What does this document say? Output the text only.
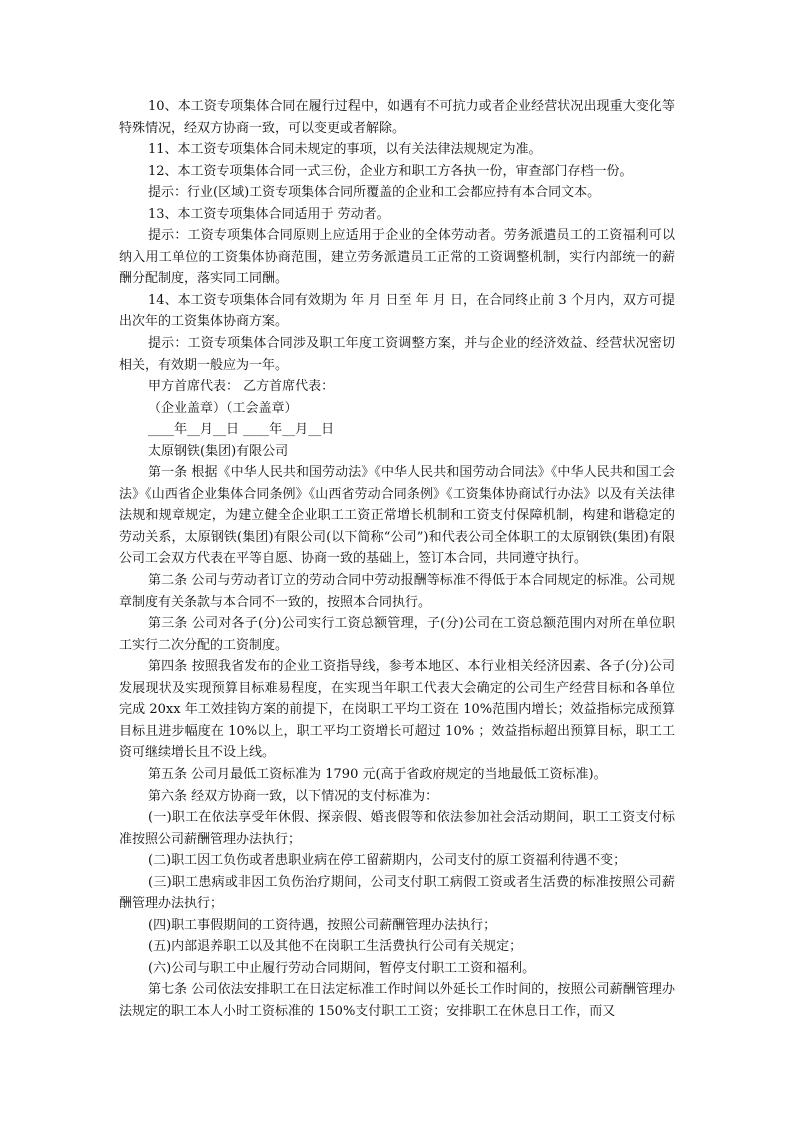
10、本工资专项集体合同在履行过程中，如遇有不可抗力或者企业经营状况出现重大变化等特殊情况，经双方协商一致，可以变更或者解除。

11、本工资专项集体合同未规定的事项，以有关法律法规规定为准。

12、本工资专项集体合同一式三份，企业方和职工方各执一份，审查部门存档一份。

提示：行业(区域)工资专项集体合同所覆盖的企业和工会都应持有本合同文本。

13、本工资专项集体合同适用于 劳动者。

提示：工资专项集体合同原则上应适用于企业的全体劳动者。劳务派遣员工的工资福利可以纳入用工单位的工资集体协商范围，建立劳务派遣员工正常的工资调整机制，实行内部统一的薪酬分配制度，落实同工同酬。

14、本工资专项集体合同有效期为 年 月 日至 年 月 日，在合同终止前 3 个月内，双方可提出次年的工资集体协商方案。

提示：工资专项集体合同涉及职工年度工资调整方案，并与企业的经济效益、经营状况密切相关，有效期一般应为一年。

甲方首席代表： 乙方首席代表：

（企业盖章）（工会盖章）

____年__月__日 ____年__月__日

太原钢铁(集团)有限公司

第一条 根据《中华人民共和国劳动法》《中华人民共和国劳动合同法》《中华人民共和国工会法》《山西省企业集体合同条例》《山西省劳动合同条例》《工资集体协商试行办法》以及有关法律法规和规章规定，为建立健全企业职工工资正常增长机制和工资支付保障机制，构建和谐稳定的劳动关系，太原钢铁(集团)有限公司(以下简称“公司”)和代表公司全体职工的太原钢铁(集团)有限公司工会双方代表在平等自愿、协商一致的基础上，签订本合同，共同遵守执行。

第二条 公司与劳动者订立的劳动合同中劳动报酬等标准不得低于本合同规定的标准。公司规章制度有关条款与本合同不一致的，按照本合同执行。

第三条 公司对各子(分)公司实行工资总额管理，子(分)公司在工资总额范围内对所在单位职工实行二次分配的工资制度。

第四条 按照我省发布的企业工资指导线，参考本地区、本行业相关经济因素、各子(分)公司发展现状及实现预算目标难易程度，在实现当年职工代表大会确定的公司生产经营目标和各单位完成 20xx 年工效挂钩方案的前提下，在岗职工平均工资在 10%范围内增长；效益指标完成预算目标且进步幅度在 10%以上，职工平均工资增长可超过 10% ；效益指标超出预算目标，职工工资可继续增长且不设上线。

第五条 公司月最低工资标准为 1790 元(高于省政府规定的当地最低工资标准)。

第六条 经双方协商一致，以下情况的支付标准为：

(一)职工在依法享受年休假、探亲假、婚丧假等和依法参加社会活动期间，职工工资支付标准按照公司薪酬管理办法执行；

(二)职工因工负伤或者患职业病在停工留薪期内，公司支付的原工资福利待遇不变；

(三)职工患病或非因工负伤治疗期间，公司支付职工病假工资或者生活费的标准按照公司薪酬管理办法执行；

(四)职工事假期间的工资待遇，按照公司薪酬管理办法执行；

(五)内部退养职工以及其他不在岗职工生活费执行公司有关规定；

(六)公司与职工中止履行劳动合同期间，暂停支付职工工资和福利。

第七条 公司依法安排职工在日法定标准工作时间以外延长工作时间的，按照公司薪酬管理办法规定的职工本人小时工资标准的 150%支付职工工资；安排职工在休息日工作，而又
